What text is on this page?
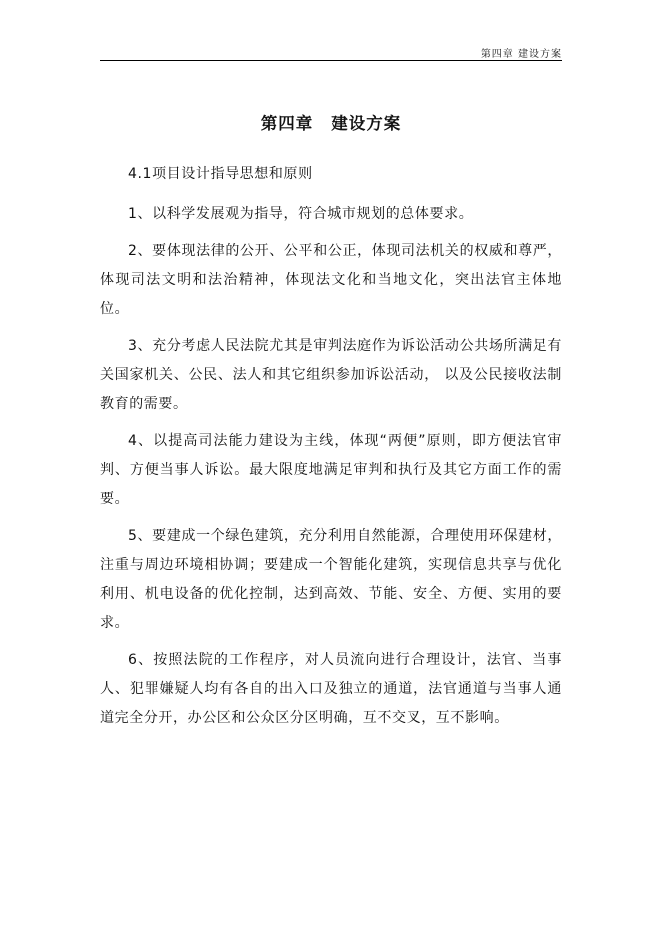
第四章 建设方案
第四章 建设方案

4.1项目设计指导思想和原则

1、以科学发展观为指导，符合城市规划的总体要求。

2、要体现法律的公开、公平和公正，体现司法机关的权威和尊严，体现司法文明和法治精神，体现法文化和当地文化，突出法官主体地位。

3、充分考虑人民法院尤其是审判法庭作为诉讼活动公共场所满足有关国家机关、公民、法人和其它组织参加诉讼活动， 以及公民接收法制教育的需要。

4、以提高司法能力建设为主线，体现“两便”原则，即方便法官审判、方便当事人诉讼。最大限度地满足审判和执行及其它方面工作的需要。

5、要建成一个绿色建筑，充分利用自然能源，合理使用环保建材，注重与周边环境相协调；要建成一个智能化建筑，实现信息共享与优化利用、机电设备的优化控制，达到高效、节能、安全、方便、实用的要求。

6、按照法院的工作程序，对人员流向进行合理设计，法官、当事人、犯罪嫌疑人均有各自的出入口及独立的通道，法官通道与当事人通道完全分开，办公区和公众区分区明确，互不交叉，互不影响。
